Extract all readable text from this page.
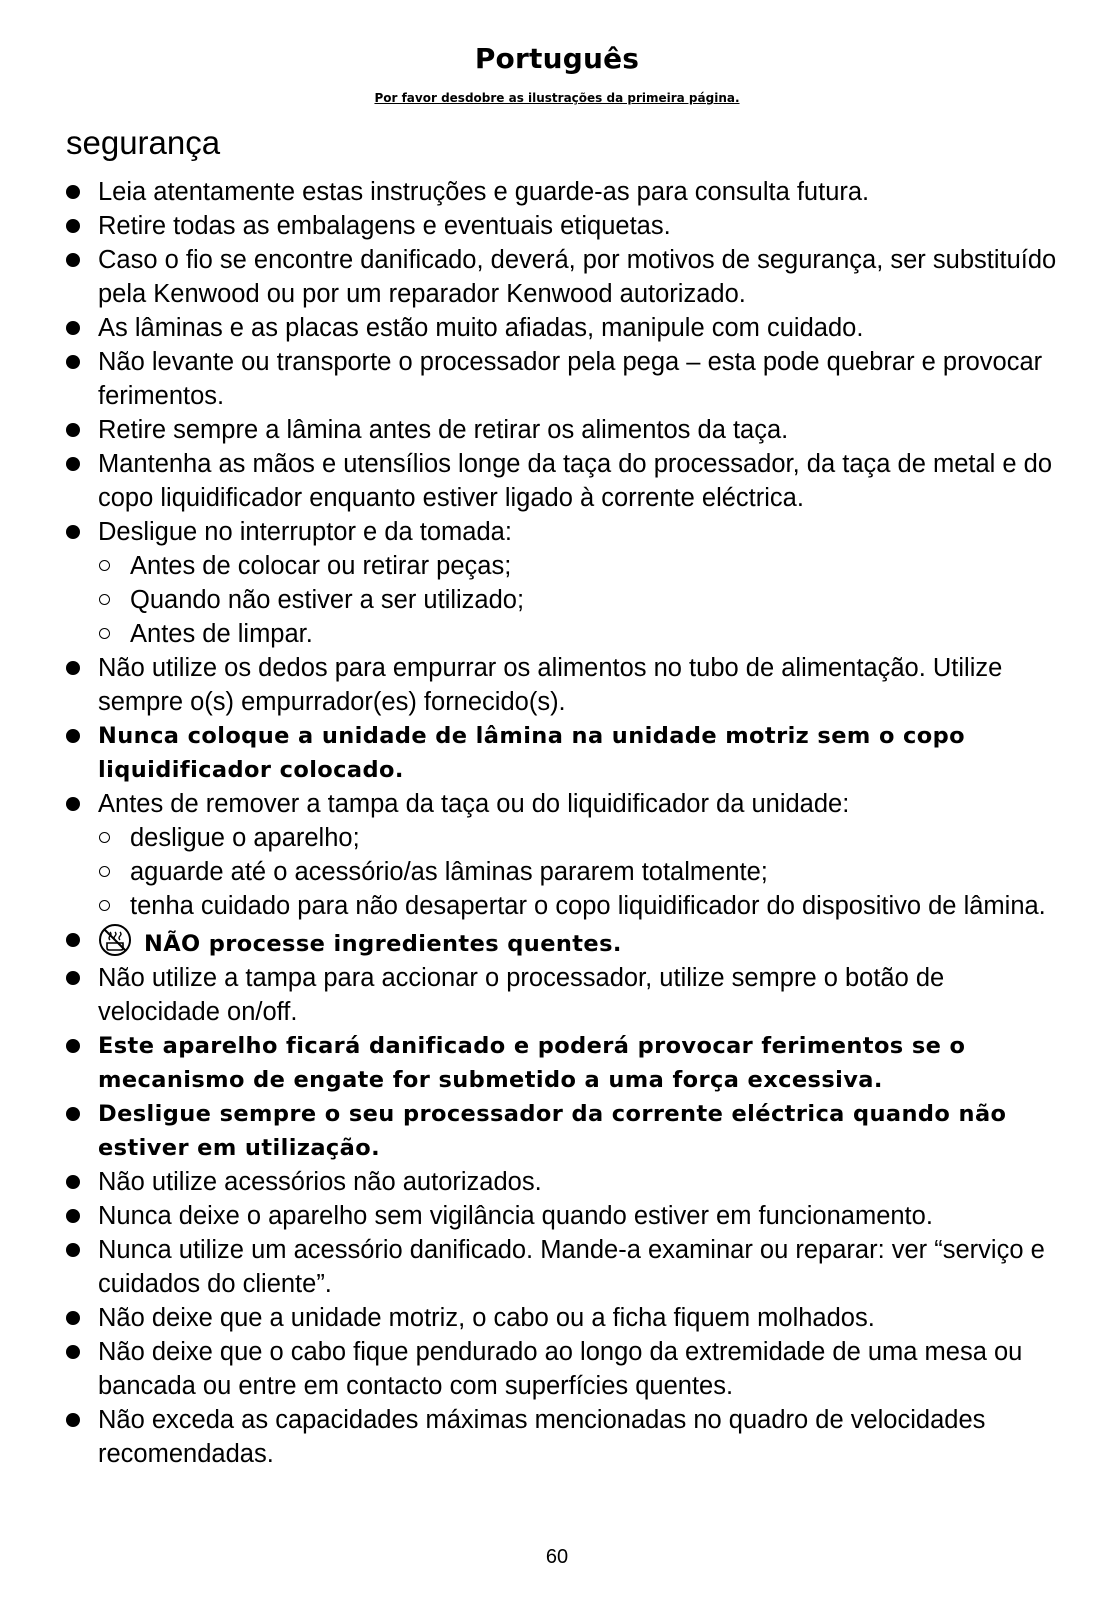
Português
Por favor desdobre as ilustrações da primeira página.
segurança
Leia atentamente estas instruções e guarde-as para consulta futura.
Retire todas as embalagens e eventuais etiquetas.
Caso o fio se encontre danificado, deverá, por motivos de segurança, ser substituído pela Kenwood ou por um reparador Kenwood autorizado.
As lâminas e as placas estão muito afiadas, manipule com cuidado.
Não levante ou transporte o processador pela pega – esta pode quebrar e provocar ferimentos.
Retire sempre a lâmina antes de retirar os alimentos da taça.
Mantenha as mãos e utensílios longe da taça do processador, da taça de metal e do copo liquidificador enquanto estiver ligado à corrente eléctrica.
Desligue no interruptor e da tomada:
Antes de colocar ou retirar peças;
Quando não estiver a ser utilizado;
Antes de limpar.
Não utilize os dedos para empurrar os alimentos no tubo de alimentação. Utilize sempre o(s) empurrador(es) fornecido(s).
Nunca coloque a unidade de lâmina na unidade motriz sem o copo liquidificador colocado.
Antes de remover a tampa da taça ou do liquidificador da unidade:
desligue o aparelho;
aguarde até o acessório/as lâminas pararem totalmente;
tenha cuidado para não desapertar o copo liquidificador do dispositivo de lâmina.
NÃO processe ingredientes quentes.
Não utilize a tampa para accionar o processador, utilize sempre o botão de velocidade on/off.
Este aparelho ficará danificado e poderá provocar ferimentos se o mecanismo de engate for submetido a uma força excessiva.
Desligue sempre o seu processador da corrente eléctrica quando não estiver em utilização.
Não utilize acessórios não autorizados.
Nunca deixe o aparelho sem vigilância quando estiver em funcionamento.
Nunca utilize um acessório danificado. Mande-a examinar ou reparar: ver “serviço e cuidados do cliente”.
Não deixe que a unidade motriz, o cabo ou a ficha fiquem molhados.
Não deixe que o cabo fique pendurado ao longo da extremidade de uma mesa ou bancada ou entre em contacto com superfícies quentes.
Não exceda as capacidades máximas mencionadas no quadro de velocidades recomendadas.
60
